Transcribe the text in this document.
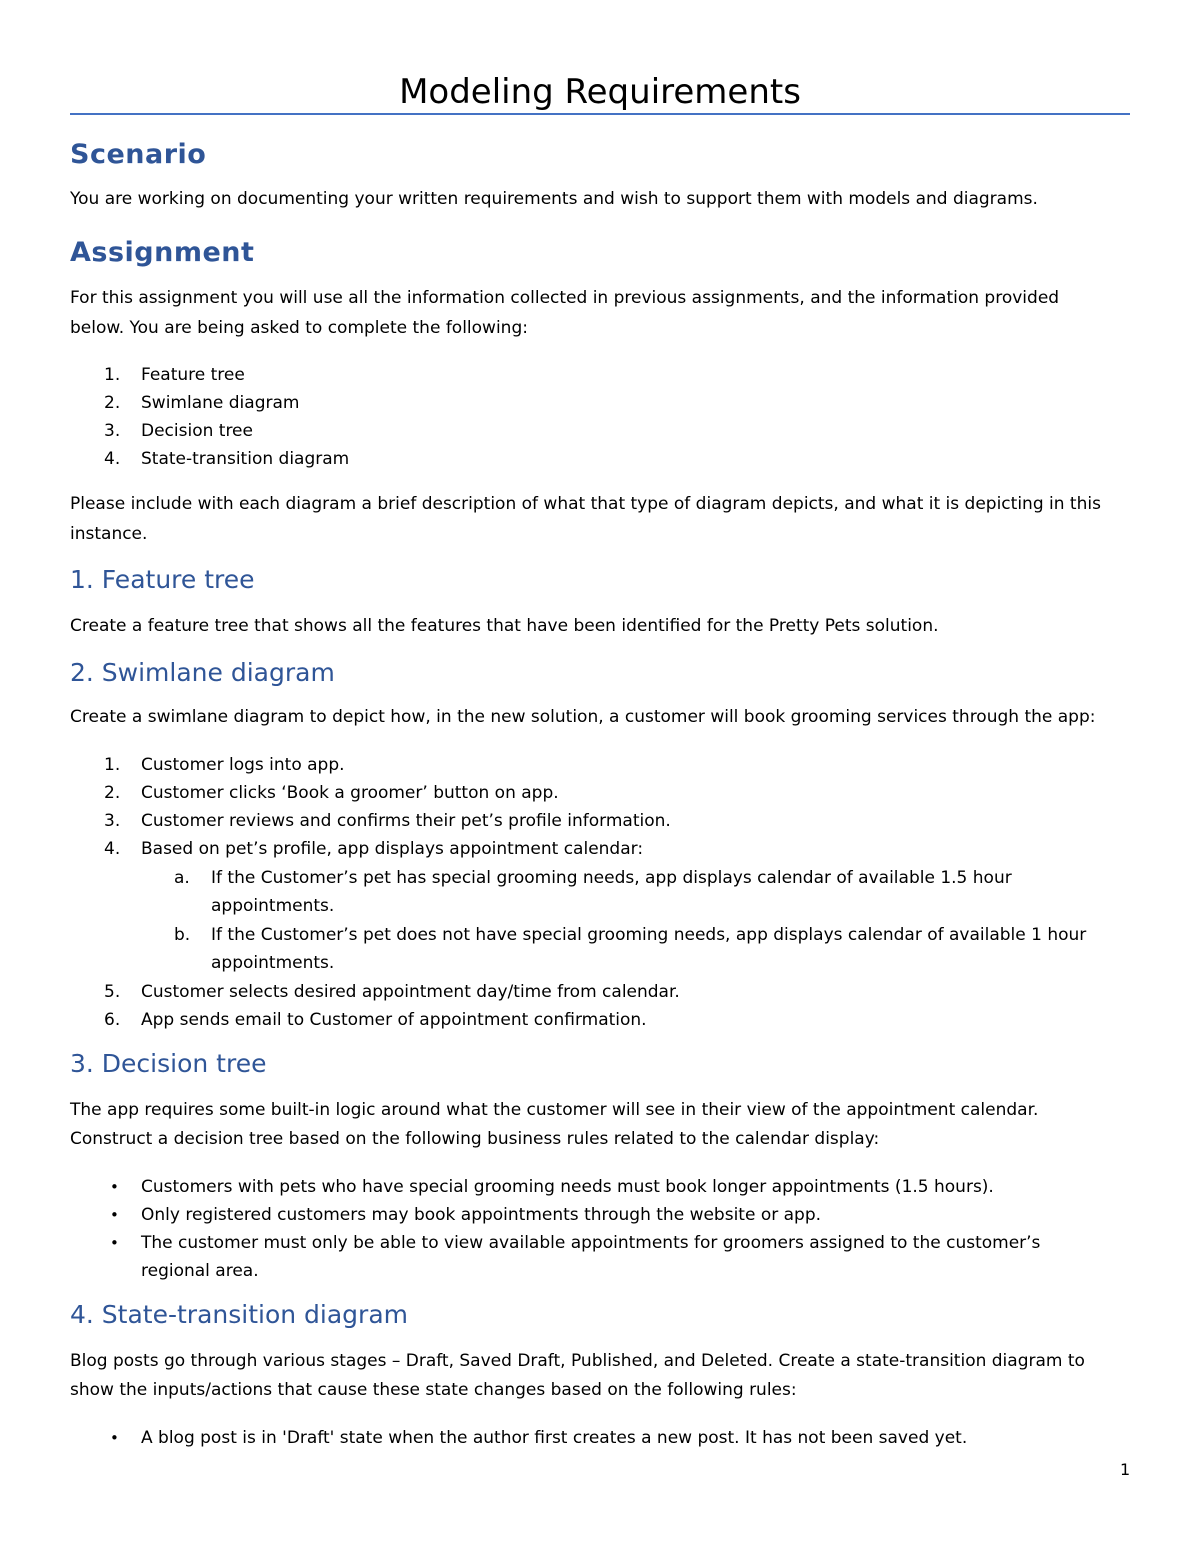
Modeling Requirements
Scenario
You are working on documenting your written requirements and wish to support them with models and diagrams.
Assignment
For this assignment you will use all the information collected in previous assignments, and the information provided
below. You are being asked to complete the following:
1.	Feature tree
2.	Swimlane diagram
3.	Decision tree
4.	State-transition diagram
Please include with each diagram a brief description of what that type of diagram depicts, and what it is depicting in this
instance.
1. Feature tree
Create a feature tree that shows all the features that have been identified for the Pretty Pets solution.
2. Swimlane diagram
Create a swimlane diagram to depict how, in the new solution, a customer will book grooming services through the app:
1.	Customer logs into app.
2.	Customer clicks ‘Book a groomer’ button on app.
3.	Customer reviews and confirms their pet’s profile information.
4.	Based on pet’s profile, app displays appointment calendar:
a.	If the Customer’s pet has special grooming needs, app displays calendar of available 1.5 hour
appointments.
b.	If the Customer’s pet does not have special grooming needs, app displays calendar of available 1 hour
appointments.
5.	Customer selects desired appointment day/time from calendar.
6.	App sends email to Customer of appointment confirmation.
3. Decision tree
The app requires some built-in logic around what the customer will see in their view of the appointment calendar.
Construct a decision tree based on the following business rules related to the calendar display:
•	Customers with pets who have special grooming needs must book longer appointments (1.5 hours).
•	Only registered customers may book appointments through the website or app.
•	The customer must only be able to view available appointments for groomers assigned to the customer’s
regional area.
4. State-transition diagram
Blog posts go through various stages – Draft, Saved Draft, Published, and Deleted. Create a state-transition diagram to
show the inputs/actions that cause these state changes based on the following rules:
•	A blog post is in 'Draft' state when the author first creates a new post. It has not been saved yet.
1
